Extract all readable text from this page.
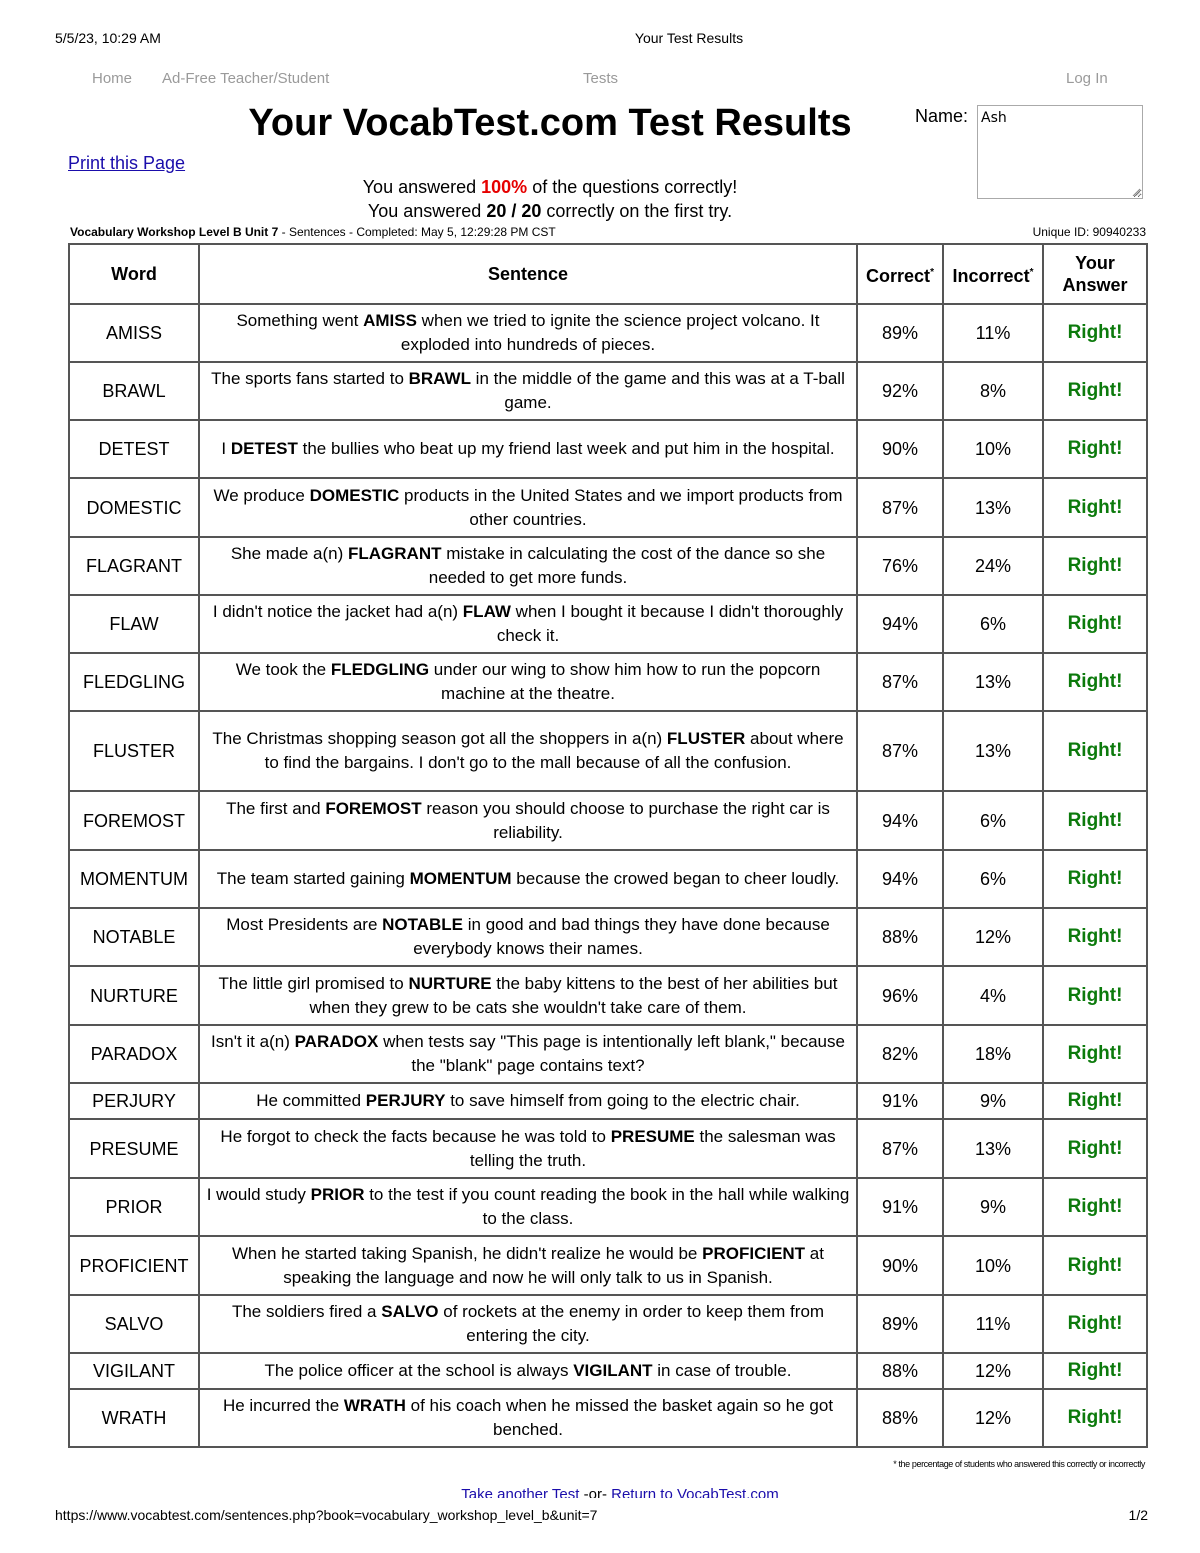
5/5/23, 10:29 AM	Your Test Results
Home Ad-Free Teacher/Student	Tests	Log In
Your VocabTest.com Test Results
Print this Page
Name: Ash
You answered 100% of the questions correctly!
You answered 20 / 20 correctly on the first try.
Vocabulary Workshop Level B Unit 7 - Sentences - Completed: May 5, 12:29:28 PM CST	Unique ID: 90940233
Word	Sentence	Correct*	Incorrect*	Your Answer
AMISS	Something went AMISS when we tried to ignite the science project volcano. It exploded into hundreds of pieces.	89%	11%	Right!
BRAWL	The sports fans started to BRAWL in the middle of the game and this was at a T-ball game.	92%	8%	Right!
DETEST	I DETEST the bullies who beat up my friend last week and put him in the hospital.	90%	10%	Right!
DOMESTIC	We produce DOMESTIC products in the United States and we import products from other countries.	87%	13%	Right!
FLAGRANT	She made a(n) FLAGRANT mistake in calculating the cost of the dance so she needed to get more funds.	76%	24%	Right!
FLAW	I didn't notice the jacket had a(n) FLAW when I bought it because I didn't thoroughly check it.	94%	6%	Right!
FLEDGLING	We took the FLEDGLING under our wing to show him how to run the popcorn machine at the theatre.	87%	13%	Right!
FLUSTER	The Christmas shopping season got all the shoppers in a(n) FLUSTER about where to find the bargains. I don't go to the mall because of all the confusion.	87%	13%	Right!
FOREMOST	The first and FOREMOST reason you should choose to purchase the right car is reliability.	94%	6%	Right!
MOMENTUM	The team started gaining MOMENTUM because the crowed began to cheer loudly.	94%	6%	Right!
NOTABLE	Most Presidents are NOTABLE in good and bad things they have done because everybody knows their names.	88%	12%	Right!
NURTURE	The little girl promised to NURTURE the baby kittens to the best of her abilities but when they grew to be cats she wouldn't take care of them.	96%	4%	Right!
PARADOX	Isn't it a(n) PARADOX when tests say "This page is intentionally left blank," because the "blank" page contains text?	82%	18%	Right!
PERJURY	He committed PERJURY to save himself from going to the electric chair.	91%	9%	Right!
PRESUME	He forgot to check the facts because he was told to PRESUME the salesman was telling the truth.	87%	13%	Right!
PRIOR	I would study PRIOR to the test if you count reading the book in the hall while walking to the class.	91%	9%	Right!
PROFICIENT	When he started taking Spanish, he didn't realize he would be PROFICIENT at speaking the language and now he will only talk to us in Spanish.	90%	10%	Right!
SALVO	The soldiers fired a SALVO of rockets at the enemy in order to keep them from entering the city.	89%	11%	Right!
VIGILANT	The police officer at the school is always VIGILANT in case of trouble.	88%	12%	Right!
WRATH	He incurred the WRATH of his coach when he missed the basket again so he got benched.	88%	12%	Right!
* the percentage of students who answered this correctly or incorrectly
Take another Test -or- Return to VocabTest.com
https://www.vocabtest.com/sentences.php?book=vocabulary_workshop_level_b&unit=7	1/2
